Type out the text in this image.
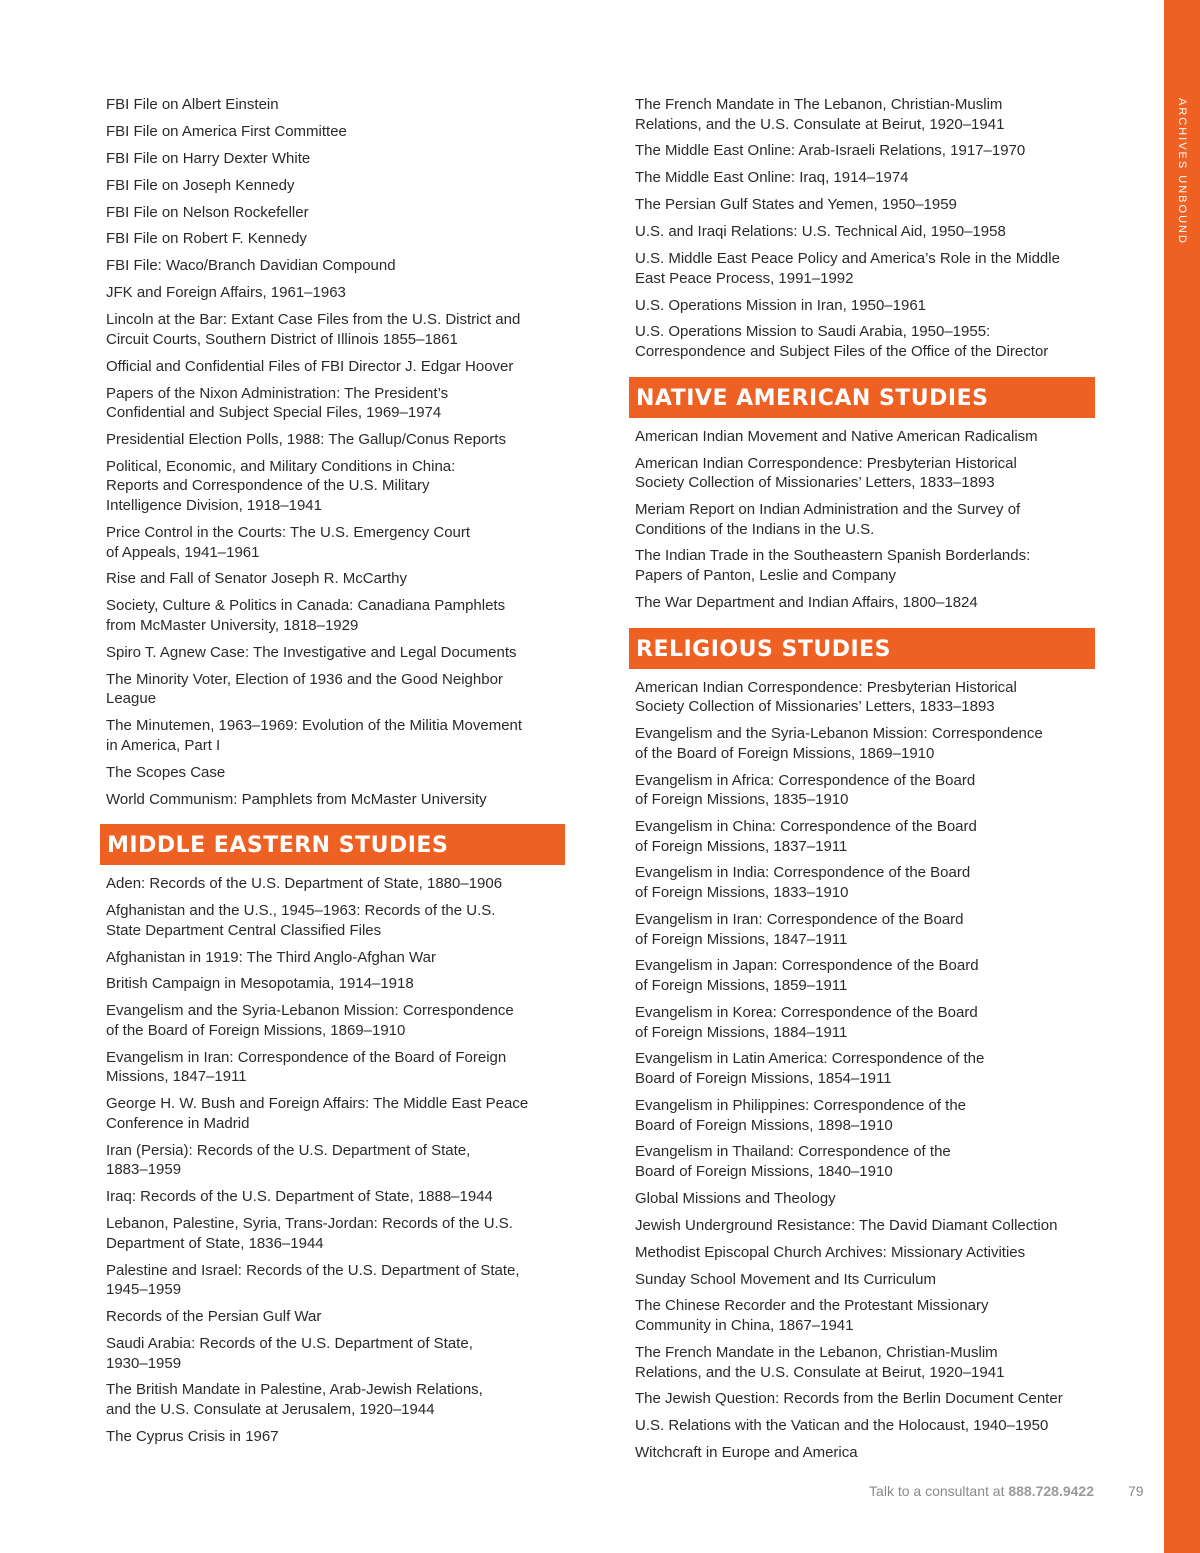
ARCHIVES UNBOUND
FBI File on Albert Einstein
FBI File on America First Committee
FBI File on Harry Dexter White
FBI File on Joseph Kennedy
FBI File on Nelson Rockefeller
FBI File on Robert F. Kennedy
FBI File: Waco/Branch Davidian Compound
JFK and Foreign Affairs, 1961–1963
Lincoln at the Bar: Extant Case Files from the U.S. District and
Circuit Courts, Southern District of Illinois 1855–1861
Official and Confidential Files of FBI Director J. Edgar Hoover
Papers of the Nixon Administration: The President’s
Confidential and Subject Special Files, 1969–1974
Presidential Election Polls, 1988: The Gallup/Conus Reports
Political, Economic, and Military Conditions in China:
Reports and Correspondence of the U.S. Military
Intelligence Division, 1918–1941
Price Control in the Courts: The U.S. Emergency Court
of Appeals, 1941–1961
Rise and Fall of Senator Joseph R. McCarthy
Society, Culture & Politics in Canada: Canadiana Pamphlets
from McMaster University, 1818–1929
Spiro T. Agnew Case: The Investigative and Legal Documents
The Minority Voter, Election of 1936 and the Good Neighbor
League
The Minutemen, 1963–1969: Evolution of the Militia Movement
in America, Part I
The Scopes Case
World Communism: Pamphlets from McMaster University
MIDDLE EASTERN STUDIES
Aden: Records of the U.S. Department of State, 1880–1906
Afghanistan and the U.S., 1945–1963: Records of the U.S.
State Department Central Classified Files
Afghanistan in 1919: The Third Anglo-Afghan War
British Campaign in Mesopotamia, 1914–1918
Evangelism and the Syria-Lebanon Mission: Correspondence
of the Board of Foreign Missions, 1869–1910
Evangelism in Iran: Correspondence of the Board of Foreign
Missions, 1847–1911
George H. W. Bush and Foreign Affairs: The Middle East Peace
Conference in Madrid
Iran (Persia): Records of the U.S. Department of State,
1883–1959
Iraq: Records of the U.S. Department of State, 1888–1944
Lebanon, Palestine, Syria, Trans-Jordan: Records of the U.S.
Department of State, 1836–1944
Palestine and Israel: Records of the U.S. Department of State,
1945–1959
Records of the Persian Gulf War
Saudi Arabia: Records of the U.S. Department of State,
1930–1959
The British Mandate in Palestine, Arab-Jewish Relations,
and the U.S. Consulate at Jerusalem, 1920–1944
The Cyprus Crisis in 1967
The French Mandate in The Lebanon, Christian-Muslim
Relations, and the U.S. Consulate at Beirut, 1920–1941
The Middle East Online: Arab-Israeli Relations, 1917–1970
The Middle East Online: Iraq, 1914–1974
The Persian Gulf States and Yemen, 1950–1959
U.S. and Iraqi Relations: U.S. Technical Aid, 1950–1958
U.S. Middle East Peace Policy and America’s Role in the Middle
East Peace Process, 1991–1992
U.S. Operations Mission in Iran, 1950–1961
U.S. Operations Mission to Saudi Arabia, 1950–1955:
Correspondence and Subject Files of the Office of the Director
NATIVE AMERICAN STUDIES
American Indian Movement and Native American Radicalism
American Indian Correspondence: Presbyterian Historical
Society Collection of Missionaries’ Letters, 1833–1893
Meriam Report on Indian Administration and the Survey of
Conditions of the Indians in the U.S.
The Indian Trade in the Southeastern Spanish Borderlands:
Papers of Panton, Leslie and Company
The War Department and Indian Affairs, 1800–1824
RELIGIOUS STUDIES
American Indian Correspondence: Presbyterian Historical
Society Collection of Missionaries’ Letters, 1833–1893
Evangelism and the Syria-Lebanon Mission: Correspondence
of the Board of Foreign Missions, 1869–1910
Evangelism in Africa: Correspondence of the Board
of Foreign Missions, 1835–1910
Evangelism in China: Correspondence of the Board
of Foreign Missions, 1837–1911
Evangelism in India: Correspondence of the Board
of Foreign Missions, 1833–1910
Evangelism in Iran: Correspondence of the Board
of Foreign Missions, 1847–1911
Evangelism in Japan: Correspondence of the Board
of Foreign Missions, 1859–1911
Evangelism in Korea: Correspondence of the Board
of Foreign Missions, 1884–1911
Evangelism in Latin America: Correspondence of the
Board of Foreign Missions, 1854–1911
Evangelism in Philippines: Correspondence of the
Board of Foreign Missions, 1898–1910
Evangelism in Thailand: Correspondence of the
Board of Foreign Missions, 1840–1910
Global Missions and Theology
Jewish Underground Resistance: The David Diamant Collection
Methodist Episcopal Church Archives: Missionary Activities
Sunday School Movement and Its Curriculum
The Chinese Recorder and the Protestant Missionary
Community in China, 1867–1941
The French Mandate in the Lebanon, Christian-Muslim
Relations, and the U.S. Consulate at Beirut, 1920–1941
The Jewish Question: Records from the Berlin Document Center
U.S. Relations with the Vatican and the Holocaust, 1940–1950
Witchcraft in Europe and America
Talk to a consultant at 888.728.9422 79
